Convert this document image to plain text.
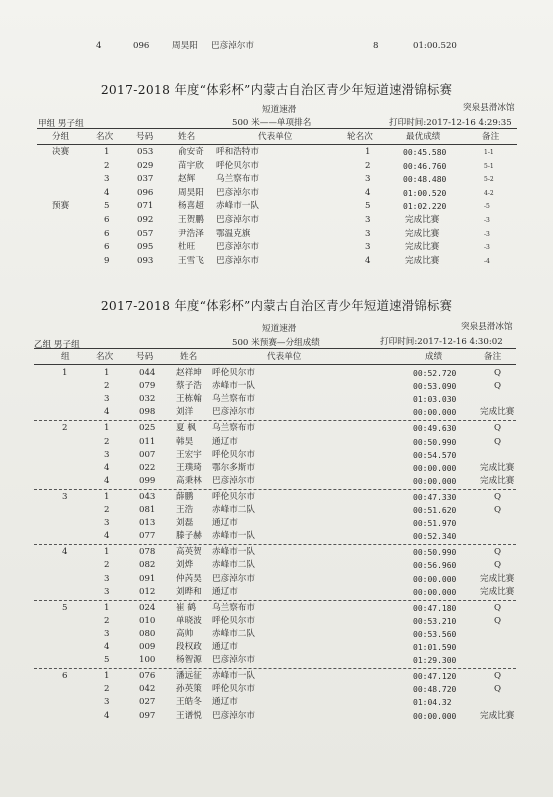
4	096	周昊阳 巴彦淖尔市	8	01:00.520
2017-2018 年度“体彩杯”内蒙古自治区青少年短道速滑锦标赛
短道速滑	突泉县滑冰馆
500 米——单项排名
甲组 男子组	打印时间:2017-12-16 4:29:35
分组	名次	号码	姓名	代表单位	轮名次	最优成绩	备注
决赛	1	053	俞安奇 呼和浩特市	1	00:45.580	1-1
2	029	苗宇欣 呼伦贝尔市	2	00:46.760	5-1
3	037	赵辉 乌兰察布市	3	00:48.480	5-2
4	096	周昊阳 巴彦淖尔市	4	01:00.520	4-2
预赛	5	071	杨喜超 赤峰市一队	5	01:02.220	-5
6	092	王贺鹏 巴彦淖尔市	3	完成比赛	-3
6	057	尹浩泽 鄂温克旗	3	完成比赛	-3
6	095	杜旺 巴彦淖尔市	3	完成比赛	-3
9	093	王雪飞 巴彦淖尔市	4	完成比赛	-4
2017-2018 年度“体彩杯”内蒙古自治区青少年短道速滑锦标赛
短道速滑	突泉县滑冰馆
500 米预赛—分组成绩
乙组 男子组	打印时间:2017-12-16 4:30:02
组	名次	号码	姓名	代表单位	成绩	备注
1	1	044 赵祥坤 呼伦贝尔市	00:52.720	Q
2	079 蔡子浩 赤峰市一队	00:53.090	Q
3	032 王栋翰 乌兰察布市	01:03.030
4	098 刘洋 巴彦淖尔市	00:00.000	完成比赛
2	1	025 夏 枫 乌兰察布市	00:49.630	Q
2	011 韩昊 通辽市	00:50.990	Q
3	007 王宏宇 呼伦贝尔市	00:54.570
4	022 王璞琦 鄂尔多斯市	00:00.000	完成比赛
4	099 高秉林 巴彦淖尔市	00:00.000	完成比赛
3	1	043 薛鹏 呼伦贝尔市	00:47.330	Q
2	081 王浩 赤峰市二队	00:51.620	Q
3	013 刘磊 通辽市	00:51.970
4	077 滕子赫 赤峰市一队	00:52.340
4	1	078 高英贺 赤峰市一队	00:50.990	Q
2	082 刘烨 赤峰市二队	00:56.960	Q
3	091 仲芮昊 巴彦淖尔市	00:00.000	完成比赛
3	012 刘晔和 通辽市	00:00.000	完成比赛
5	1	024 崔 鹤 乌兰察布市	00:47.180	Q
2	010 单晓波 呼伦贝尔市	00:53.210	Q
3	080 高帅 赤峰市二队	00:53.560
4	009 段权政 通辽市	01:01.590
5	100 杨智源 巴彦淖尔市	01:29.300
6	1	076 潘远征 赤峰市一队	00:47.120	Q
2	042 孙英策 呼伦贝尔市	00:48.720	Q
3	027 王皓冬 通辽市	01:04.32
4	097 王谱悦 巴彦淖尔市	00:00.000	完成比赛
